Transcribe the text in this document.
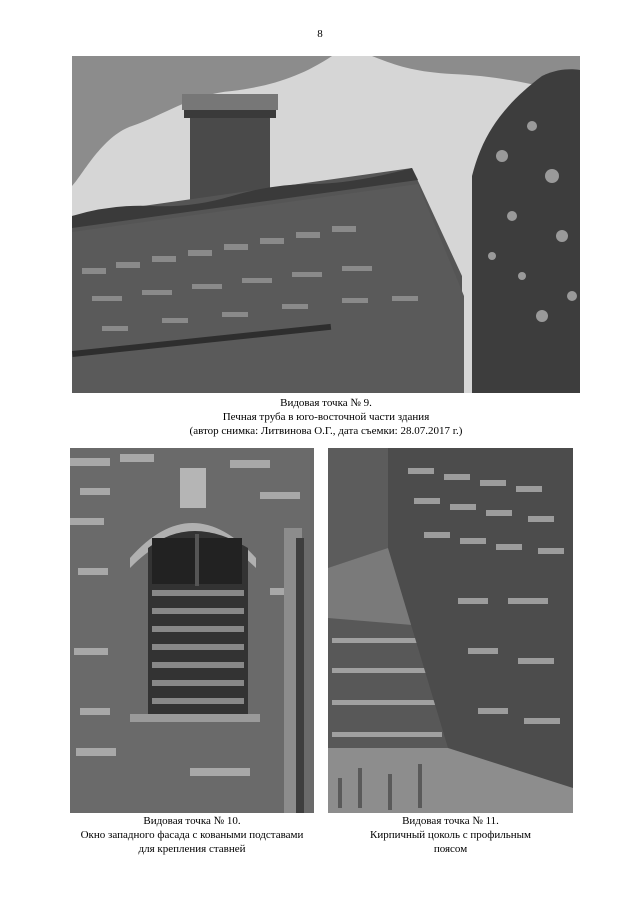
8
Видовая точка № 9.
Печная труба в юго-восточной части здания
(автор снимка: Литвинова О.Г., дата съемки: 28.07.2017 г.)
Видовая точка № 10.
Окно западного фасада с коваными подставами
для крепления ставней
Видовая точка № 11.
Кирпичный цоколь с профильным
поясом
